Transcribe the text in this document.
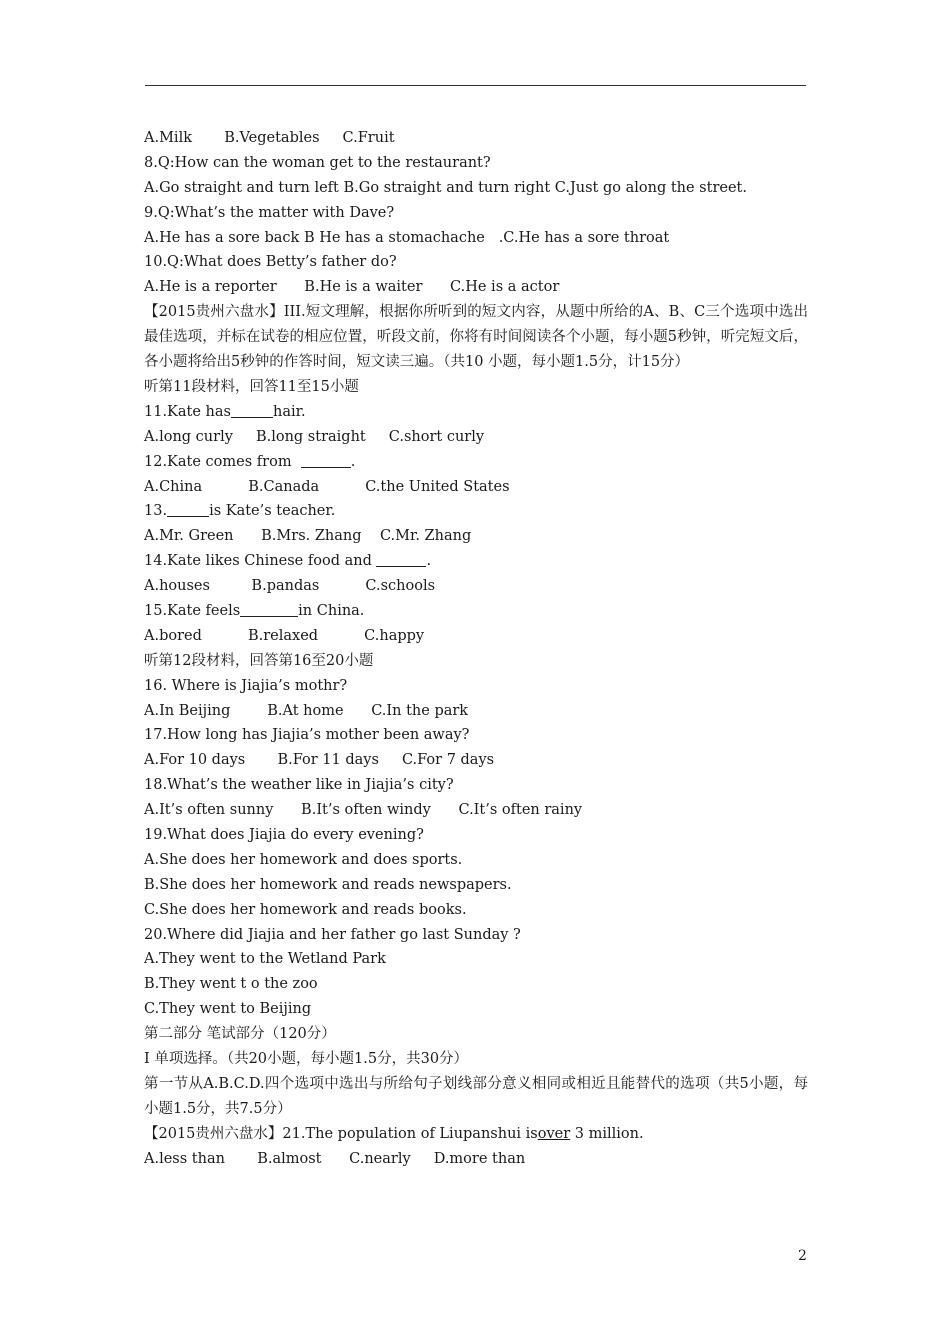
A.Milk       B.Vegetables     C.Fruit
8.Q:How can the woman get to the restaurant?
A.Go straight and turn left B.Go straight and turn right C.Just go along the street.
9.Q:What’s the matter with Dave?
A.He has a sore back B He has a stomachache   .C.He has a sore throat
10.Q:What does Betty’s father do?
A.He is a reporter      B.He is a waiter      C.He is a actor
【2015贵州六盘水】III.短文理解，根据你所听到的短文内容，从题中所给的A、B、C三个选项中选出最佳选项，并标在试卷的相应位置，听段文前，你将有时间阅读各个小题，每小题5秒钟，听完短文后，各小题将给出5秒钟的作答时间，短文读三遍。（共10 小题，每小题1.5分，计15分）
听第11段材料，回答11至15小题
11.Kate has	hair.
A.long curly     B.long straight     C.short curly
12.Kate comes from	.
A.China          B.Canada          C.the United States
13.	is Kate’s teacher.
A.Mr. Green      B.Mrs. Zhang    C.Mr. Zhang
14.Kate likes Chinese food and	.
A.houses         B.pandas          C.schools
15.Kate feels	in China.
A.bored          B.relaxed          C.happy
听第12段材料，回答第16至20小题
16. Where is Jiajia’s mothr?
A.In Beijing        B.At home      C.In the park
17.How long has Jiajia’s mother been away?
A.For 10 days       B.For 11 days     C.For 7 days
18.What’s the weather like in Jiajia’s city?
A.It’s often sunny      B.It’s often windy      C.It’s often rainy
19.What does Jiajia do every evening?
A.She does her homework and does sports.
B.She does her homework and reads newspapers.
C.She does her homework and reads books.
20.Where did Jiajia and her father go last Sunday ?
A.They went to the Wetland Park
B.They went t o the zoo
C.They went to Beijing
第二部分 笔试部分（120分）
I 单项选择。（共20小题，每小题1.5分，共30分）
第一节从A.B.C.D.四个选项中选出与所给句子划线部分意义相同或相近且能替代的选项（共5小题，每小题1.5分，共7.5分）
【2015贵州六盘水】21.The population of Liupanshui isover 3 million.
A.less than       B.almost      C.nearly     D.more than
2
